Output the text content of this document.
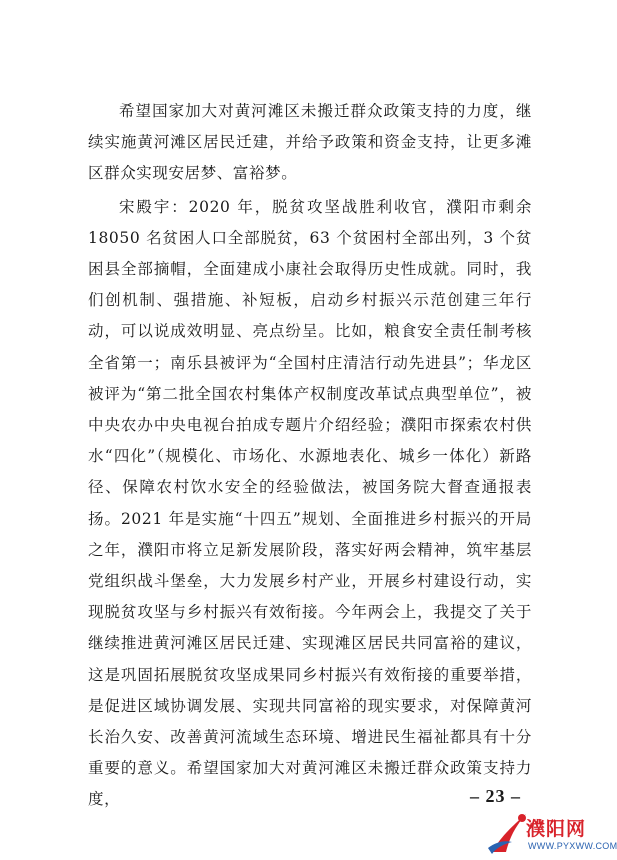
希望国家加大对黄河滩区未搬迁群众政策支持的力度，继续实施黄河滩区居民迁建，并给予政策和资金支持，让更多滩区群众实现安居梦、富裕梦。

宋殿宇：2020 年，脱贫攻坚战胜利收官，濮阳市剩余 18050 名贫困人口全部脱贫，63 个贫困村全部出列，3 个贫困县全部摘帽，全面建成小康社会取得历史性成就。同时，我们创机制、强措施、补短板，启动乡村振兴示范创建三年行动，可以说成效明显、亮点纷呈。比如，粮食安全责任制考核全省第一；南乐县被评为“全国村庄清洁行动先进县”；华龙区被评为“第二批全国农村集体产权制度改革试点典型单位”，被中央农办中央电视台拍成专题片介绍经验；濮阳市探索农村供水“四化”（规模化、市场化、水源地表化、城乡一体化）新路径、保障农村饮水安全的经验做法，被国务院大督查通报表扬。2021 年是实施“十四五”规划、全面推进乡村振兴的开局之年，濮阳市将立足新发展阶段，落实好两会精神，筑牢基层党组织战斗堡垒，大力发展乡村产业，开展乡村建设行动，实现脱贫攻坚与乡村振兴有效衔接。今年两会上，我提交了关于继续推进黄河滩区居民迁建、实现滩区居民共同富裕的建议，这是巩固拓展脱贫攻坚成果同乡村振兴有效衔接的重要举措，是促进区域协调发展、实现共同富裕的现实要求，对保障黄河长治久安、改善黄河流域生态环境、增进民生福祉都具有十分重要的意义。希望国家加大对黄河滩区未搬迁群众政策支持力度，	– 23 –
濮阳网
WWW.PYXWW.COM
